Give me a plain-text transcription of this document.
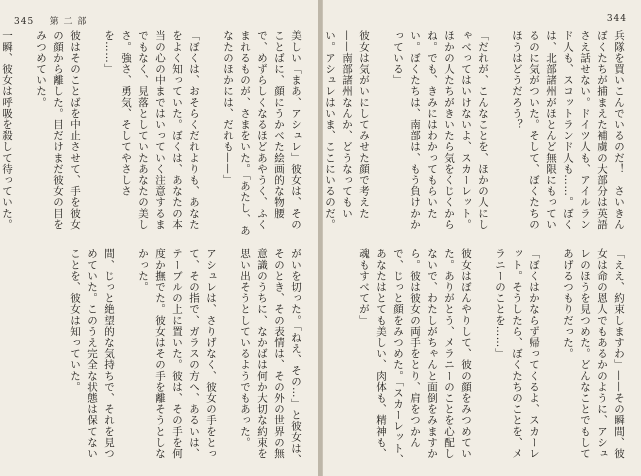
345 第 二 部
美しい「まあ、アシュレ」彼女は、そのことばに、顔にうかべた絵画的な物腰で、めずらしくなるほどあやうく、ふくまれるものが、さまをいた。「あたし、あなたのほかには、だれも——」

「ぼくは、おそらくだれよりも、あなたをよく知っていた。ぼくは、あなたの本当の心の中まではいっていく注意するまでもなく、見落としていたあなたの美しさ。強さ、勇気、そしてやさしさを……」

彼はそのことばを中止させて、手を彼女の顔から離した。目だけまだ彼女の目をみつめていた。

一瞬、彼女は呼吸を殺して待っていた。
がいを切った。「ねえ、その…」と彼女は、そのとき、その表情は、その外の世界の無意識のうちに、なかばは何か大切な約束を思い出そうとしているようでもあった。

アシュレは、さりげなく、彼女の手をとって、その指で、ガラスの方へ、あるいは、テーブルの上に置いた。彼は、その手を何度か撫でた。彼女はその手を離そうとしなかった。

間、じっと絶望的な気持ちで、それを見つめていた。このうえ完全な状態は保てないことを、彼女は知っていた。
344
兵隊を買いこんでいるのだ！　さいきんぼくたちが捕まえた補虜の大部分は英語さえ話せない。ドイツ人も、アイルランド人も、スコットランド人も……。ぼくは、北部諸州がほとんど無限にもっているのに気がついた。そして、ぼくたちのほうはどうだろう？

「だれが、こんなことを、ほかの人にしゃべってはいけないよ、スカーレット。ほかの人たちがきいたら気をくじくからね。でも、きみにはわかってもらいたい。ぼくたちは、南部は、もう負けかかっている」

彼女は気がいにしてみせた顔で考えた——南部諸州なんか、どうなってもいい。アシュレはいま、ここにいるのだ。
「ええ、約束しますわ」——その瞬間、彼女は命の恩人でもあるかのように、アシュレのほうを見つめた。どんなことでもしてあげるつもりだった。

「ぼくはかならず帰ってくるよ、スカーレット。そうしたら、ぼくたちのことを、メラニーのことを……」

彼女はぼんやりして、彼の顔をみつめていた。ありがとう、メラニーのことを心配しないで、わたしがちゃんと面倒をみますから。彼は彼女の両手をとり、肩をつかんで、じっと顔をみつめた。「スカーレット、あなたはとても美しい、肉体も、精神も、魂もすべてが」
